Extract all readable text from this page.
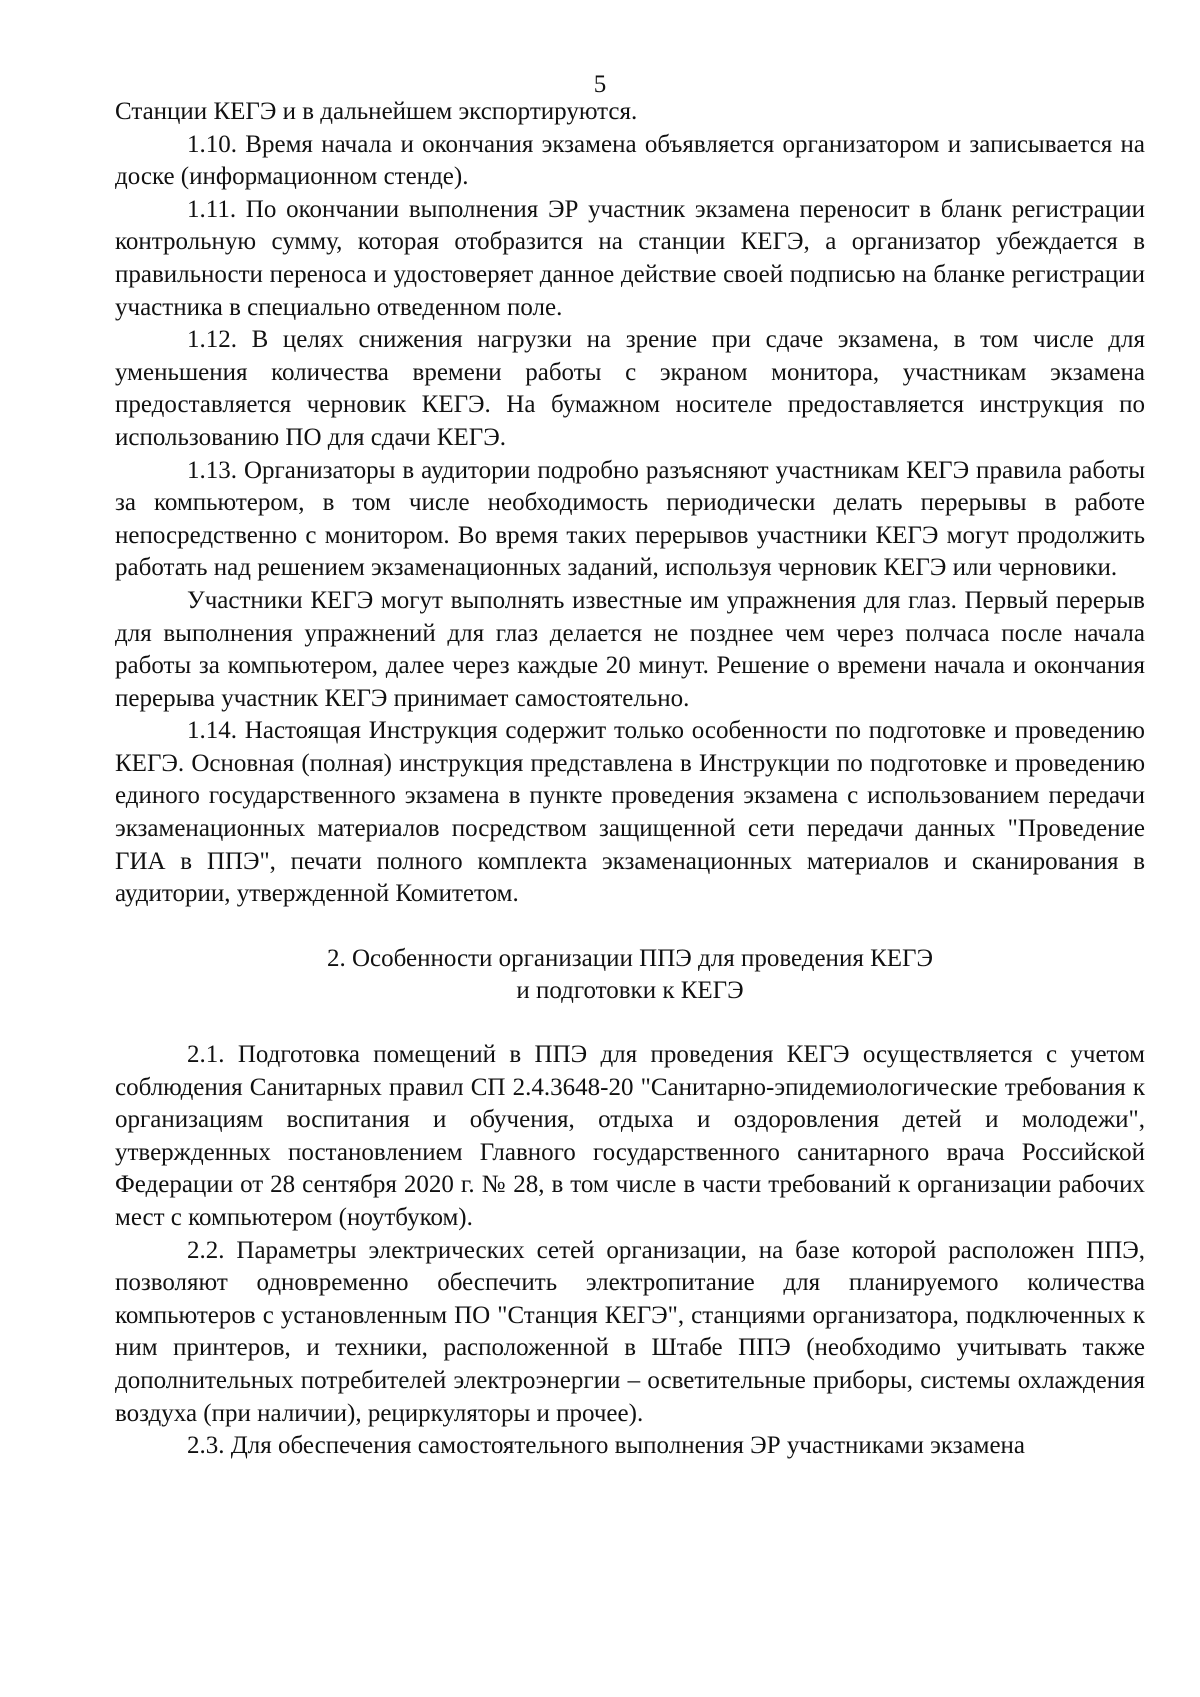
5

Станции КЕГЭ и в дальнейшем экспортируются.

1.10. Время начала и окончания экзамена объявляется организатором и записывается на доске (информационном стенде).

1.11. По окончании выполнения ЭР участник экзамена переносит в бланк регистрации контрольную сумму, которая отобразится на станции КЕГЭ, а организатор убеждается в правильности переноса и удостоверяет данное действие своей подписью на бланке регистрации участника в специально отведенном поле.

1.12. В целях снижения нагрузки на зрение при сдаче экзамена, в том числе для уменьшения количества времени работы с экраном монитора, участникам экзамена предоставляется черновик КЕГЭ. На бумажном носителе предоставляется инструкция по использованию ПО для сдачи КЕГЭ.

1.13. Организаторы в аудитории подробно разъясняют участникам КЕГЭ правила работы за компьютером, в том числе необходимость периодически делать перерывы в работе непосредственно с монитором. Во время таких перерывов участники КЕГЭ могут продолжить работать над решением экзаменационных заданий, используя черновик КЕГЭ или черновики.

Участники КЕГЭ могут выполнять известные им упражнения для глаз. Первый перерыв для выполнения упражнений для глаз делается не позднее чем через полчаса после начала работы за компьютером, далее через каждые 20 минут. Решение о времени начала и окончания перерыва участник КЕГЭ принимает самостоятельно.

1.14. Настоящая Инструкция содержит только особенности по подготовке и проведению КЕГЭ. Основная (полная) инструкция представлена в Инструкции по подготовке и проведению единого государственного экзамена в пункте проведения экзамена с использованием передачи экзаменационных материалов посредством защищенной сети передачи данных "Проведение ГИА в ППЭ", печати полного комплекта экзаменационных материалов и сканирования в аудитории, утвержденной Комитетом.

2. Особенности организации ППЭ для проведения КЕГЭ
и подготовки к КЕГЭ

2.1. Подготовка помещений в ППЭ для проведения КЕГЭ осуществляется с учетом соблюдения Санитарных правил СП 2.4.3648-20 "Санитарно-эпидемиологические требования к организациям воспитания и обучения, отдыха и оздоровления детей и молодежи", утвержденных постановлением Главного государственного санитарного врача Российской Федерации от 28 сентября 2020 г. № 28, в том числе в части требований к организации рабочих мест с компьютером (ноутбуком).

2.2. Параметры электрических сетей организации, на базе которой расположен ППЭ, позволяют одновременно обеспечить электропитание для планируемого количества компьютеров с установленным ПО "Станция КЕГЭ", станциями организатора, подключенных к ним принтеров, и техники, расположенной в Штабе ППЭ (необходимо учитывать также дополнительных потребителей электроэнергии – осветительные приборы, системы охлаждения воздуха (при наличии), рециркуляторы и прочее).

2.3. Для обеспечения самостоятельного выполнения ЭР участниками экзамена
